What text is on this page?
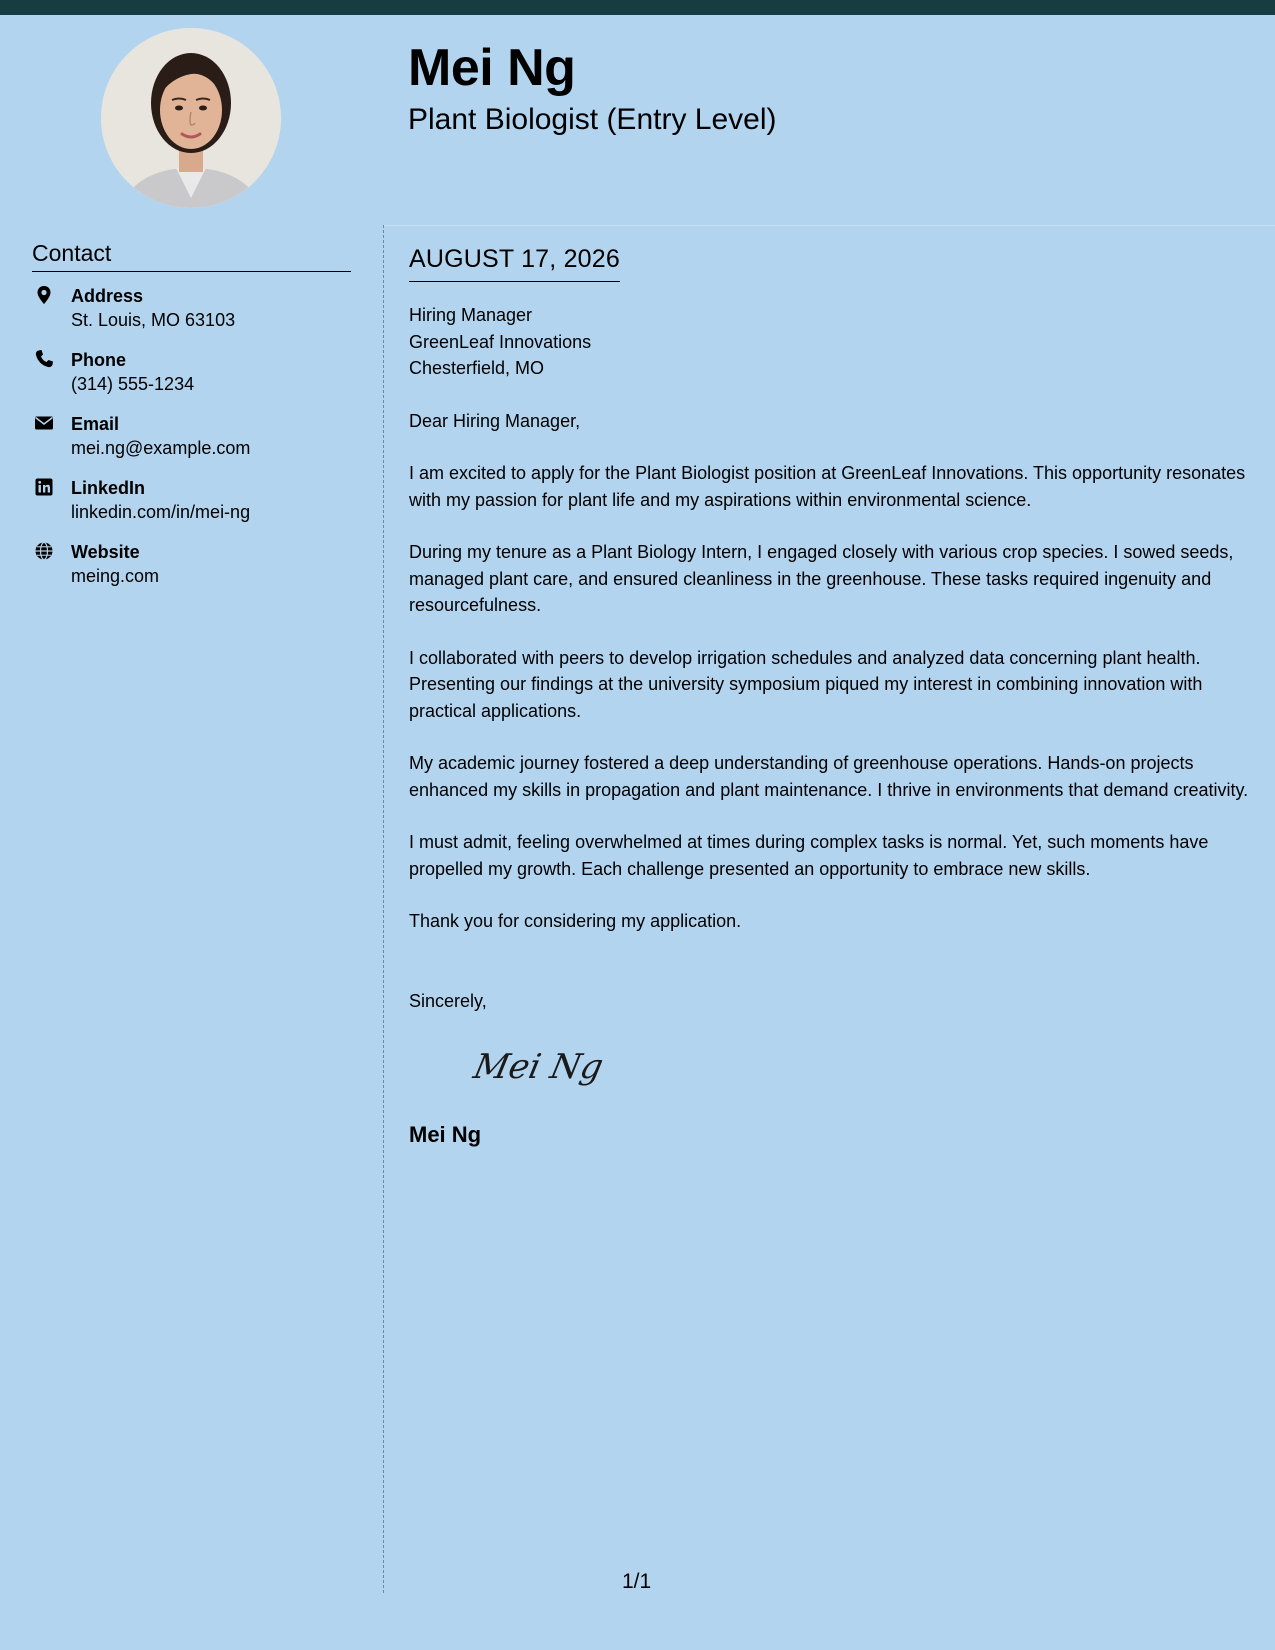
Mei Ng
Plant Biologist (Entry Level)
Contact
Address
St. Louis, MO 63103
Phone
(314) 555-1234
Email
mei.ng@example.com
LinkedIn
linkedin.com/in/mei-ng
Website
meing.com
AUGUST 17, 2026
Hiring Manager
GreenLeaf Innovations
Chesterfield, MO
Dear Hiring Manager,
I am excited to apply for the Plant Biologist position at GreenLeaf Innovations. This opportunity resonates with my passion for plant life and my aspirations within environmental science.
During my tenure as a Plant Biology Intern, I engaged closely with various crop species. I sowed seeds, managed plant care, and ensured cleanliness in the greenhouse. These tasks required ingenuity and resourcefulness.
I collaborated with peers to develop irrigation schedules and analyzed data concerning plant health. Presenting our findings at the university symposium piqued my interest in combining innovation with practical applications.
My academic journey fostered a deep understanding of greenhouse operations. Hands-on projects enhanced my skills in propagation and plant maintenance. I thrive in environments that demand creativity.
I must admit, feeling overwhelmed at times during complex tasks is normal. Yet, such moments have propelled my growth. Each challenge presented an opportunity to embrace new skills.
Thank you for considering my application.
Sincerely,
Mei Ng
Mei Ng
1/1
